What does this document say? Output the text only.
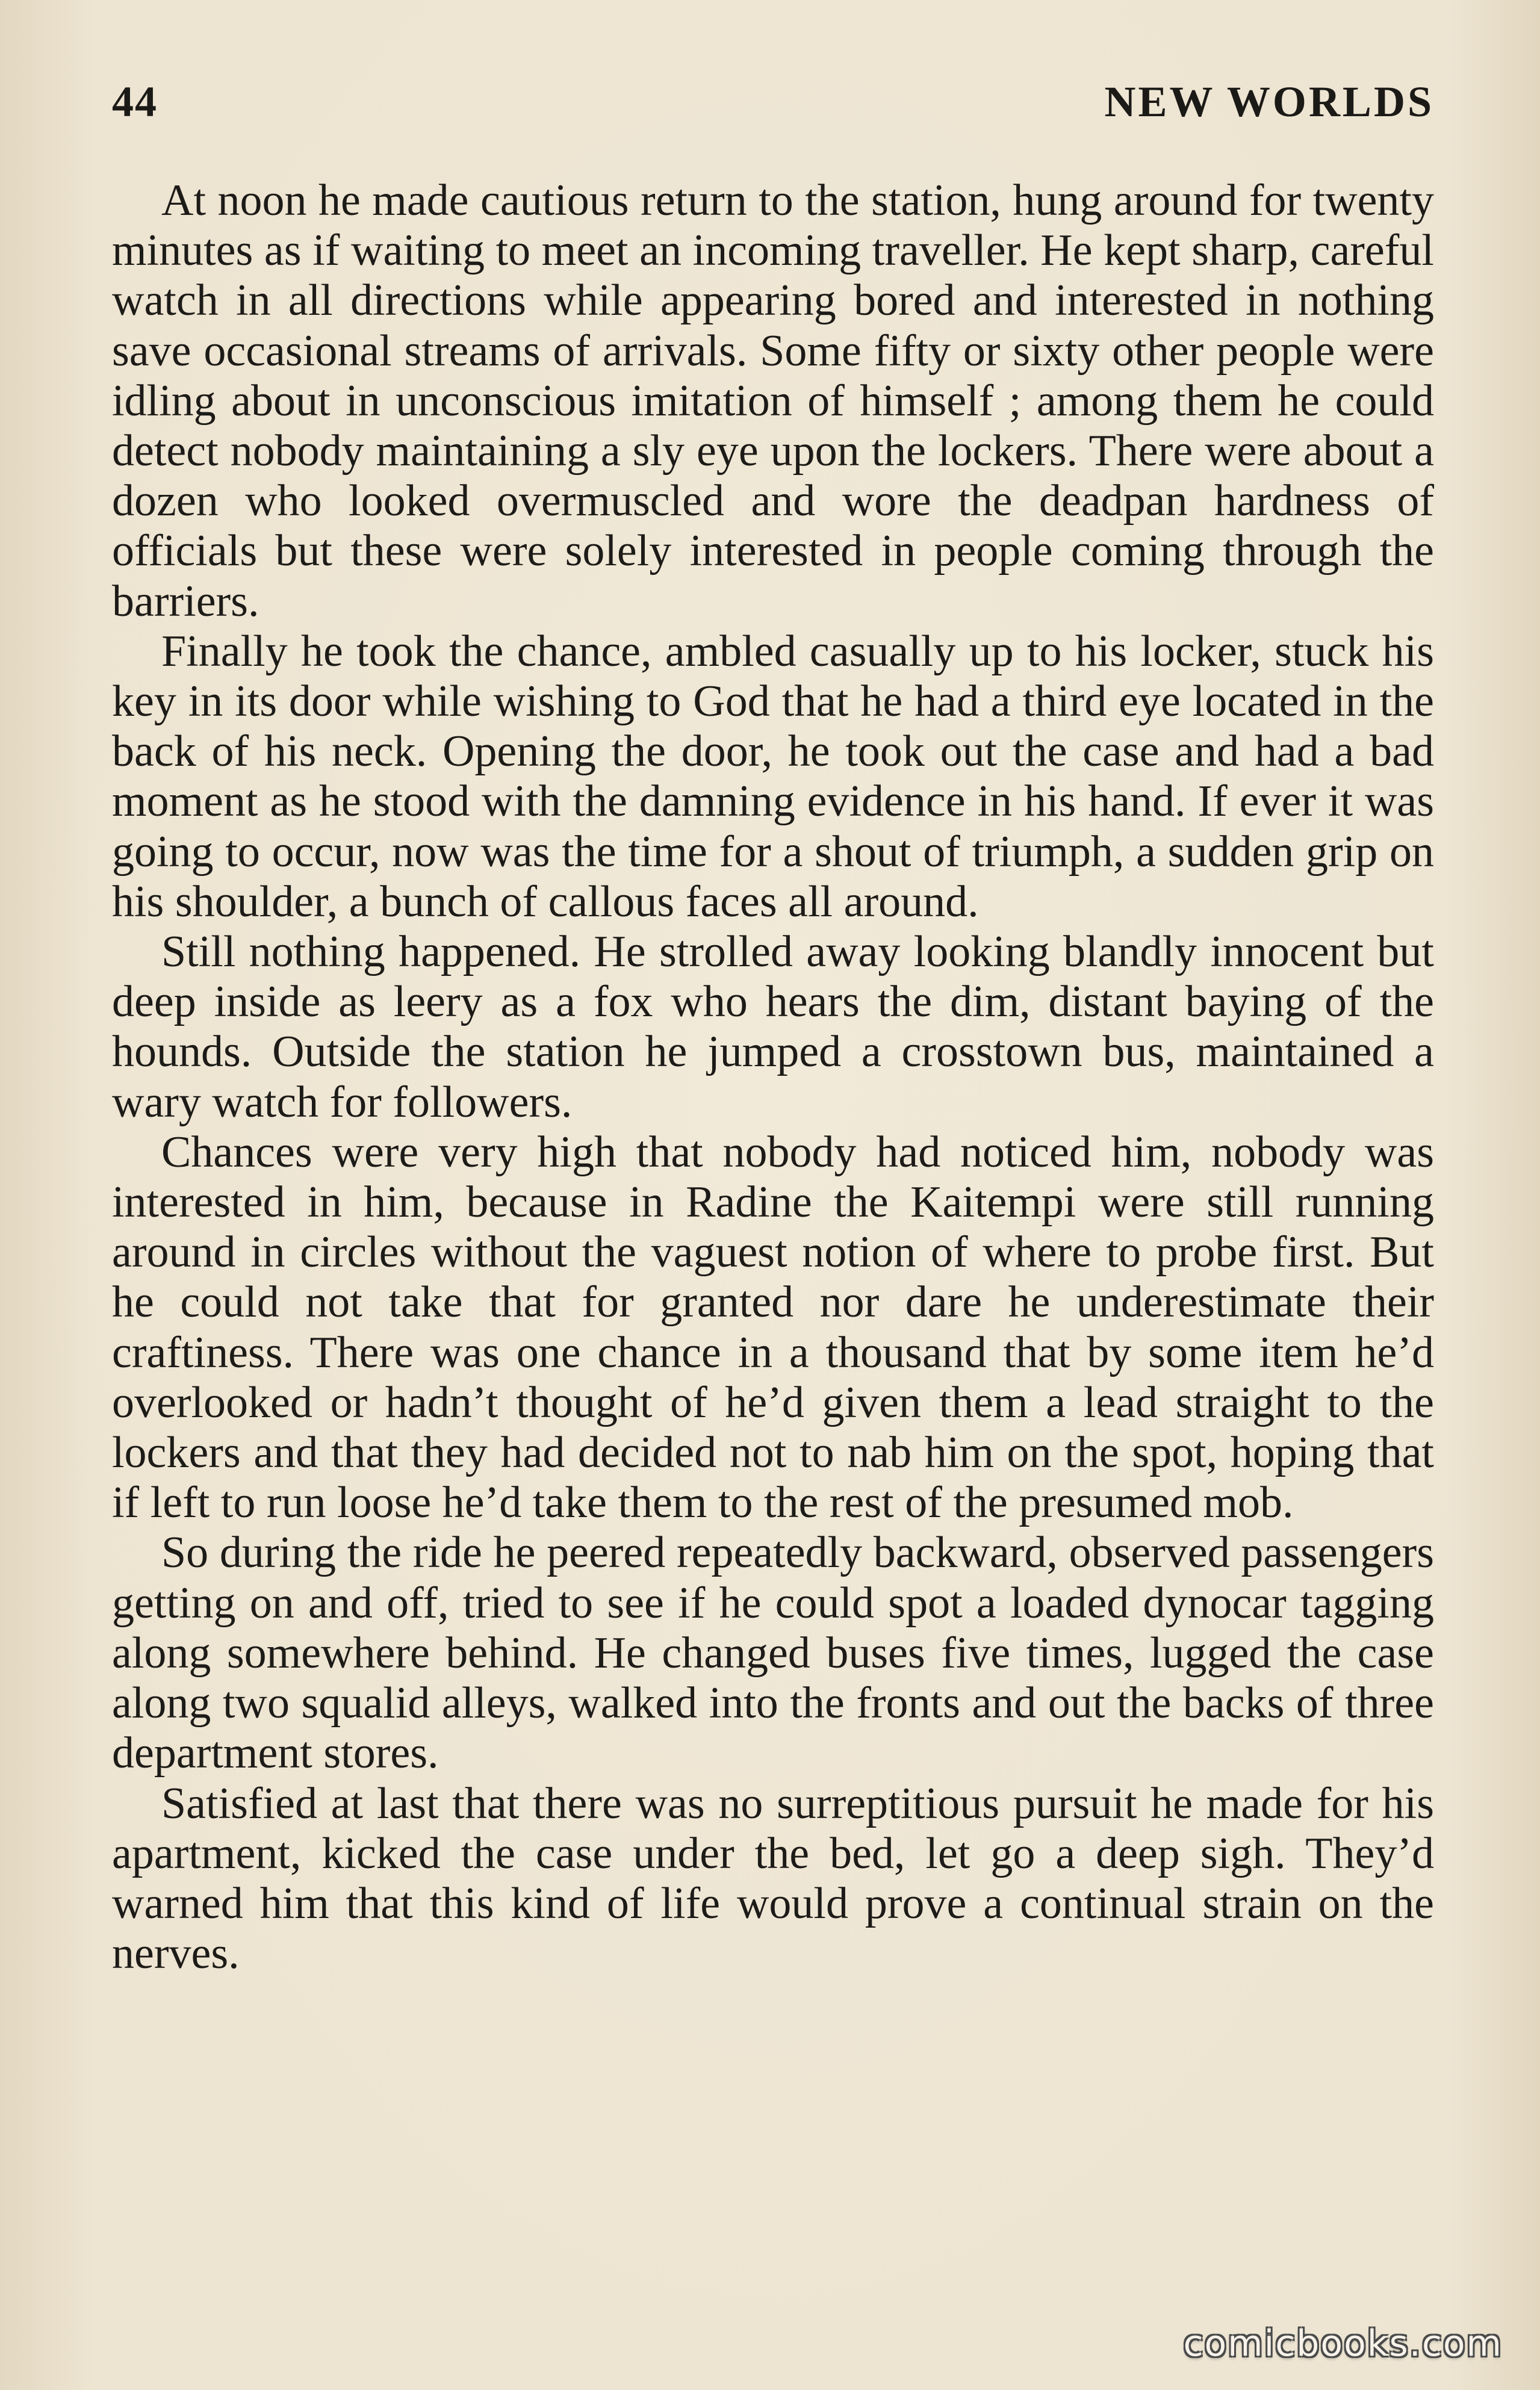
44	NEW WORLDS

At noon he made cautious return to the station, hung around for twenty minutes as if waiting to meet an incoming traveller. He kept sharp, careful watch in all directions while appearing bored and interested in nothing save occasional streams of arrivals. Some fifty or sixty other people were idling about in unconscious imitation of himself ; among them he could detect nobody maintaining a sly eye upon the lockers. There were about a dozen who looked overmuscled and wore the deadpan hardness of officials but these were solely interested in people coming through the barriers.

Finally he took the chance, ambled casually up to his locker, stuck his key in its door while wishing to God that he had a third eye located in the back of his neck. Opening the door, he took out the case and had a bad moment as he stood with the damning evidence in his hand. If ever it was going to occur, now was the time for a shout of triumph, a sudden grip on his shoulder, a bunch of callous faces all around.

Still nothing happened. He strolled away looking blandly innocent but deep inside as leery as a fox who hears the dim, distant baying of the hounds. Outside the station he jumped a crosstown bus, maintained a wary watch for followers.

Chances were very high that nobody had noticed him, nobody was interested in him, because in Radine the Kaitempi were still running around in circles without the vaguest notion of where to probe first. But he could not take that for granted nor dare he underestimate their craftiness. There was one chance in a thousand that by some item he’d overlooked or hadn’t thought of he’d given them a lead straight to the lockers and that they had decided not to nab him on the spot, hoping that if left to run loose he’d take them to the rest of the presumed mob.

So during the ride he peered repeatedly backward, observed passengers getting on and off, tried to see if he could spot a loaded dynocar tagging along somewhere behind. He changed buses five times, lugged the case along two squalid alleys, walked into the fronts and out the backs of three department stores.

Satisfied at last that there was no surreptitious pursuit he made for his apartment, kicked the case under the bed, let go a deep sigh. They’d warned him that this kind of life would prove a continual strain on the nerves.

comicbooks.com
